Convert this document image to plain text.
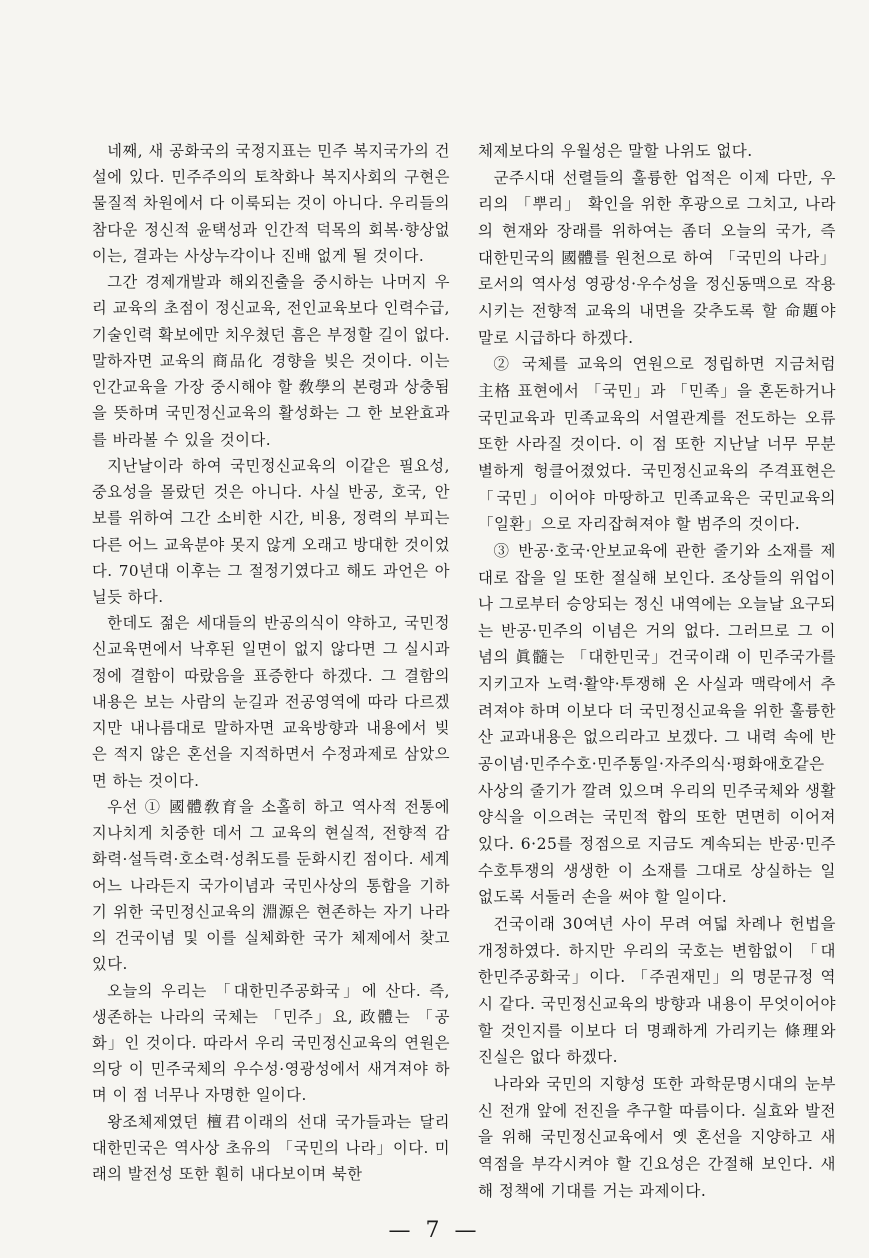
네째, 새 공화국의 국정지표는 민주 복지국가의 건설에 있다. 민주주의의 토착화나 복지사회의 구현은 물질적 차원에서 다 이룩되는 것이 아니다. 우리들의 참다운 정신적 윤택성과 인간적 덕목의 회복·향상없이는, 결과는 사상누각이나 진배 없게 될 것이다.

그간 경제개발과 해외진출을 중시하는 나머지 우리 교육의 초점이 정신교육, 전인교육보다 인력수급, 기술인력 확보에만 치우쳤던 흠은 부정할 길이 없다. 말하자면 교육의 商品化 경향을 빚은 것이다. 이는 인간교육을 가장 중시해야 할 敎學의 본령과 상충됨을 뜻하며 국민정신교육의 활성화는 그 한 보완효과를 바라볼 수 있을 것이다.

지난날이라 하여 국민정신교육의 이같은 필요성, 중요성을 몰랐던 것은 아니다. 사실 반공, 호국, 안보를 위하여 그간 소비한 시간, 비용, 정력의 부피는 다른 어느 교육분야 못지 않게 오래고 방대한 것이었다. 70년대 이후는 그 절정기였다고 해도 과언은 아닐듯 하다.

한데도 젊은 세대들의 반공의식이 약하고, 국민정신교육면에서 낙후된 일면이 없지 않다면 그 실시과정에 결함이 따랐음을 표증한다 하겠다. 그 결함의 내용은 보는 사람의 눈길과 전공영역에 따라 다르겠지만 내나름대로 말하자면 교육방향과 내용에서 빚은 적지 않은 혼선을 지적하면서 수정과제로 삼았으면 하는 것이다.

우선 ① 國體敎育을 소홀히 하고 역사적 전통에 지나치게 치중한 데서 그 교육의 현실적, 전향적 감화력·설득력·호소력·성취도를 둔화시킨 점이다. 세계 어느 나라든지 국가이념과 국민사상의 통합을 기하기 위한 국민정신교육의 淵源은 현존하는 자기 나라의 건국이념 및 이를 실체화한 국가 체제에서 찾고 있다.

오늘의 우리는 「대한민주공화국」에 산다. 즉, 생존하는 나라의 국체는 「민주」요, 政體는 「공화」인 것이다. 따라서 우리 국민정신교육의 연원은 의당 이 민주국체의 우수성·영광성에서 새겨져야 하며 이 점 너무나 자명한 일이다.

왕조체제였던 檀君이래의 선대 국가들과는 달리 대한민국은 역사상 초유의 「국민의 나라」이다. 미래의 발전성 또한 훤히 내다보이며 북한

체제보다의 우월성은 말할 나위도 없다.

군주시대 선렬들의 훌륭한 업적은 이제 다만, 우리의 「뿌리」 확인을 위한 후광으로 그치고, 나라의 현재와 장래를 위하여는 좀더 오늘의 국가, 즉 대한민국의 國體를 원천으로 하여 「국민의 나라」로서의 역사성 영광성·우수성을 정신동맥으로 작용시키는 전향적 교육의 내면을 갖추도록 할 命題야말로 시급하다 하겠다.

② 국체를 교육의 연원으로 정립하면 지금처럼 主格 표현에서 「국민」과 「민족」을 혼돈하거나 국민교육과 민족교육의 서열관계를 전도하는 오류 또한 사라질 것이다. 이 점 또한 지난날 너무 무분별하게 헝클어졌었다. 국민정신교육의 주격표현은 「국민」이어야 마땅하고 민족교육은 국민교육의 「일환」으로 자리잡혀져야 할 범주의 것이다.

③ 반공·호국·안보교육에 관한 줄기와 소재를 제대로 잡을 일 또한 절실해 보인다. 조상들의 위업이나 그로부터 승앙되는 정신 내역에는 오늘날 요구되는 반공·민주의 이념은 거의 없다. 그러므로 그 이념의 眞髓는 「대한민국」건국이래 이 민주국가를 지키고자 노력·활약·투쟁해 온 사실과 맥락에서 추려져야 하며 이보다 더 국민정신교육을 위한 훌륭한 산 교과내용은 없으리라고 보겠다. 그 내력 속에 반공이념·민주수호·민주통일·자주의식·평화애호같은 사상의 줄기가 깔려 있으며 우리의 민주국체와 생활양식을 이으려는 국민적 합의 또한 면면히 이어져 있다. 6·25를 정점으로 지금도 계속되는 반공·민주수호투쟁의 생생한 이 소재를 그대로 상실하는 일 없도록 서둘러 손을 써야 할 일이다.

건국이래 30여년 사이 무려 여덟 차례나 헌법을 개정하였다. 하지만 우리의 국호는 변함없이 「대한민주공화국」이다. 「주권재민」의 명문규정 역시 같다. 국민정신교육의 방향과 내용이 무엇이어야 할 것인지를 이보다 더 명쾌하게 가리키는 條理와 진실은 없다 하겠다.

나라와 국민의 지향성 또한 과학문명시대의 눈부신 전개 앞에 전진을 추구할 따름이다. 실효와 발전을 위해 국민정신교육에서 옛 혼선을 지양하고 새 역점을 부각시켜야 할 긴요성은 간절해 보인다. 새해 정책에 기대를 거는 과제이다.

— 7 —
